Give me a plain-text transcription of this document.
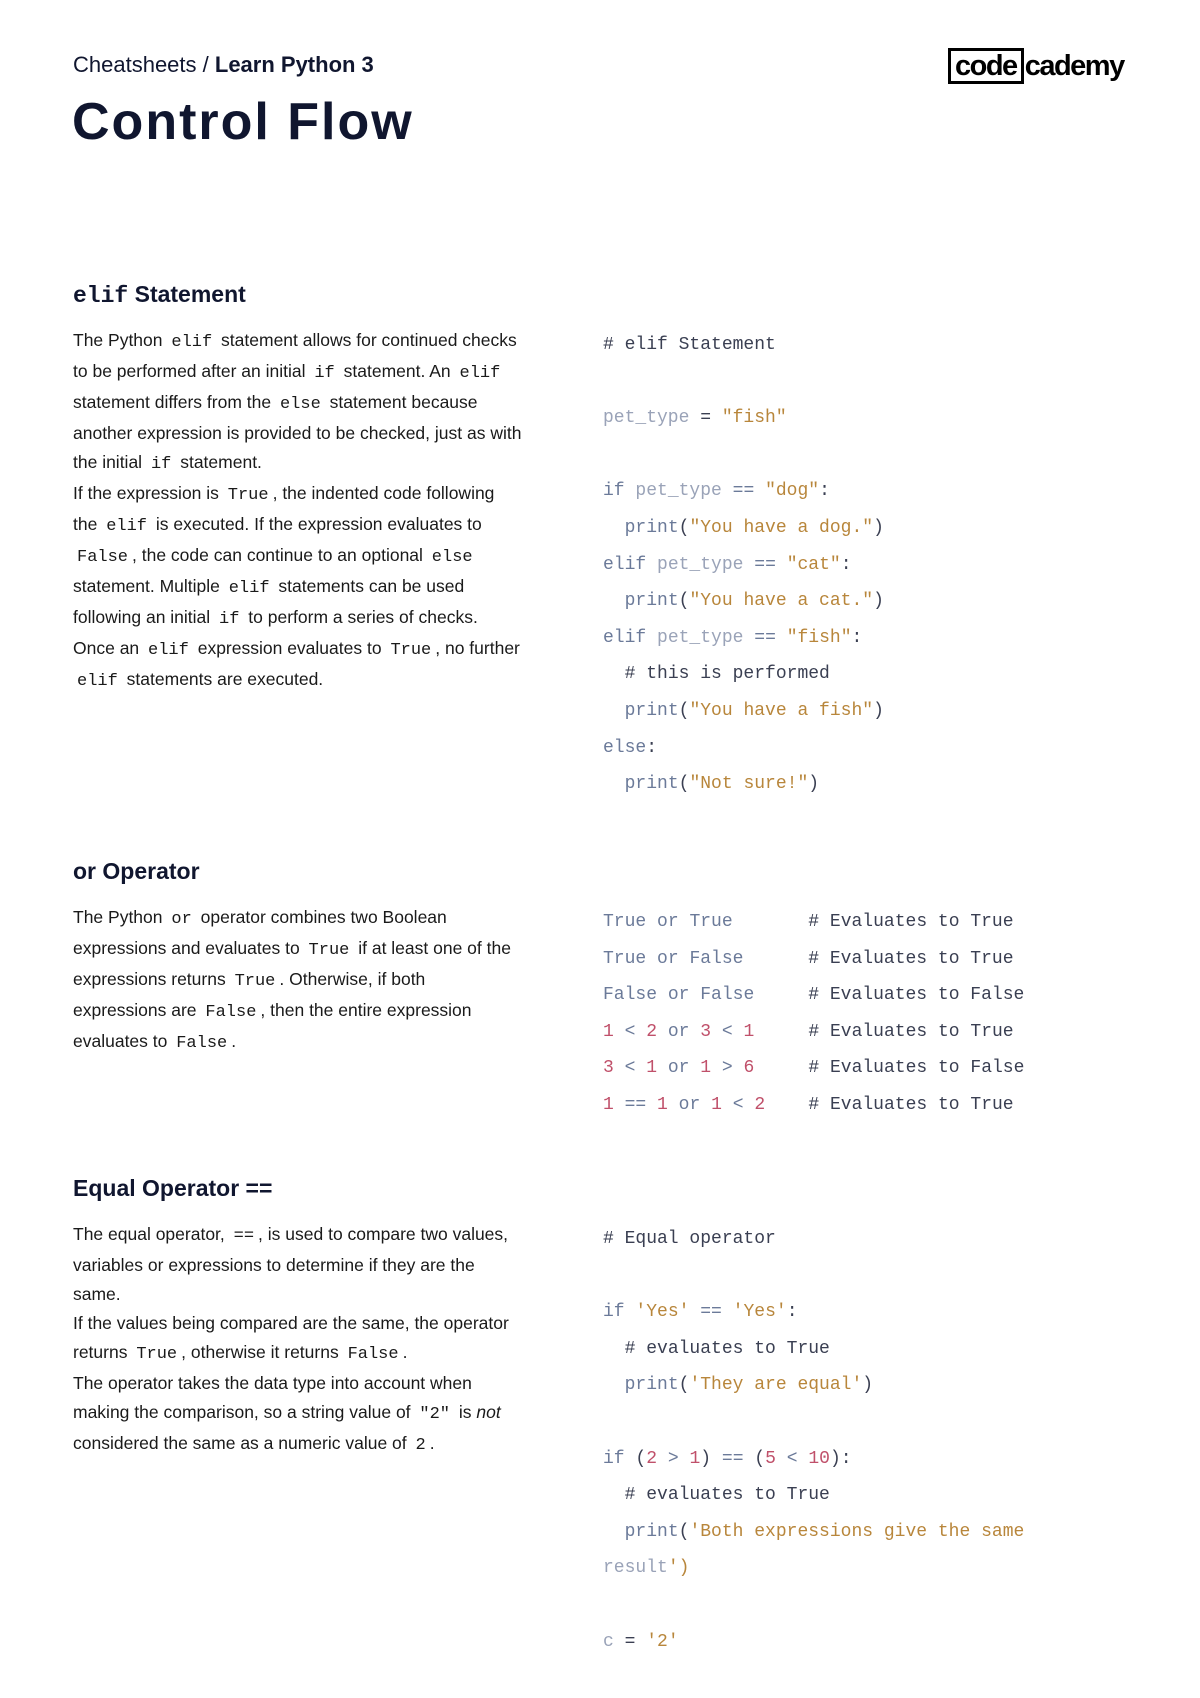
Cheatsheets / Learn Python 3
Control Flow
code cademy
elif Statement

The Python elif statement allows for continued checks to be performed after an initial if statement. An elif statement differs from the else statement because another expression is provided to be checked, just as with the initial if statement.

If the expression is True , the indented code following the elif is executed. If the expression evaluates to False , the code can continue to an optional else statement. Multiple elif statements can be used following an initial if to perform a series of checks. Once an elif expression evaluates to True , no further elif statements are executed.

# elif Statement

pet_type = "fish"

if pet_type == "dog":
print("You have a dog.")
elif pet_type == "cat":
print("You have a cat.")
elif pet_type == "fish":
# this is performed
print("You have a fish")
else:
print("Not sure!")
or Operator

The Python or operator combines two Boolean expressions and evaluates to True if at least one of the expressions returns True . Otherwise, if both expressions are False , then the entire expression evaluates to False .

True or True	# Evaluates to True
True or False	# Evaluates to True
False or False	# Evaluates to False
1 < 2 or 3 < 1	# Evaluates to True
3 < 1 or 1 > 6	# Evaluates to False
1 == 1 or 1 < 2 # Evaluates to True
Equal Operator ==

The equal operator, == , is used to compare two values, variables or expressions to determine if they are the same.

If the values being compared are the same, the operator returns True , otherwise it returns False .

The operator takes the data type into account when making the comparison, so a string value of "2" is not considered the same as a numeric value of 2 .

# Equal operator

if 'Yes' == 'Yes':
# evaluates to True
print('They are equal')

if (2 > 1) == (5 < 10):
# evaluates to True
print('Both expressions give the same
result')

c = '2'
